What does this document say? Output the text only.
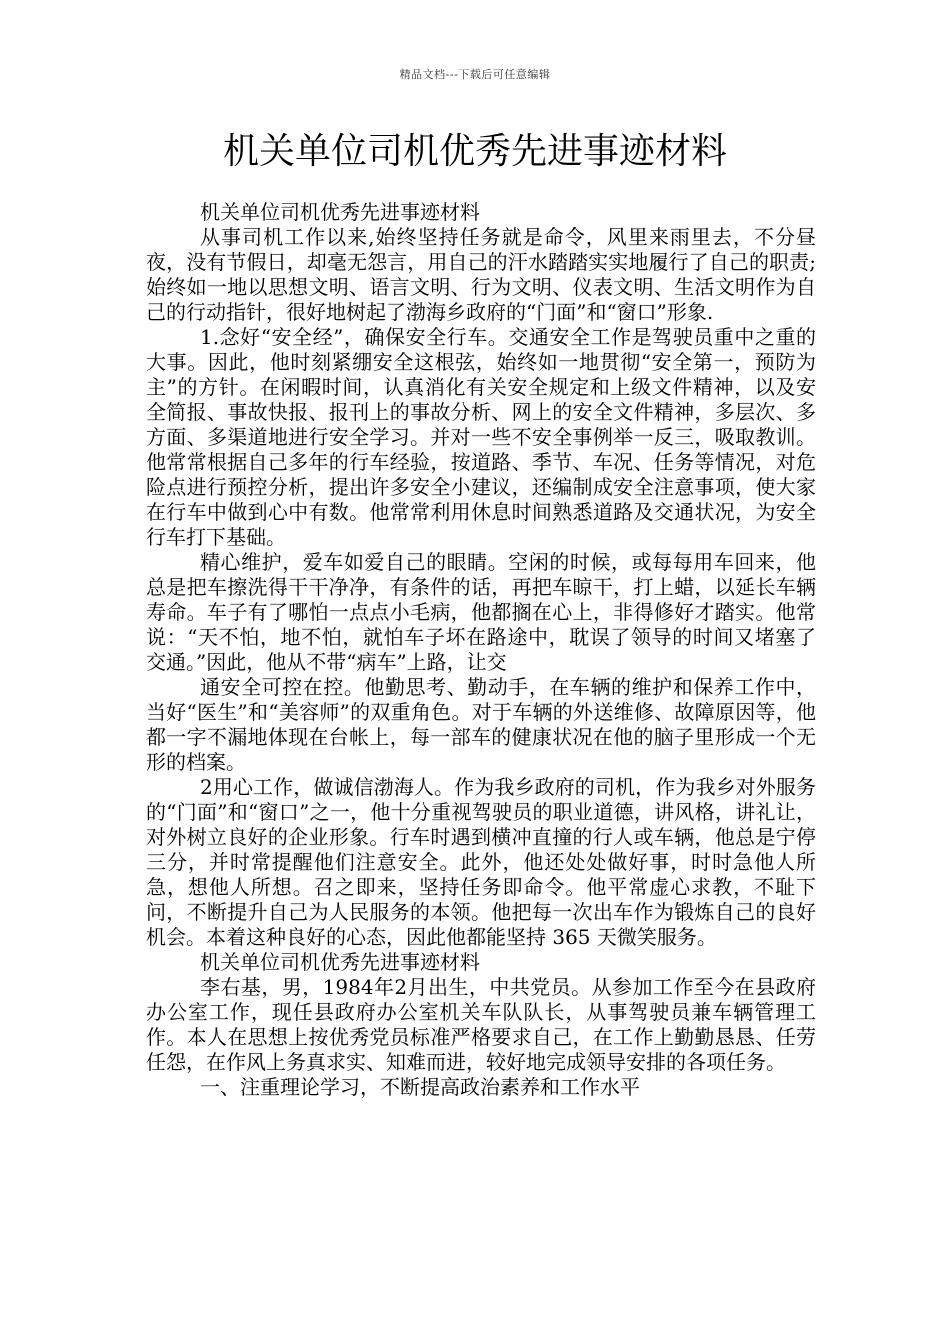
精品文档---下载后可任意编辑
机关单位司机优秀先进事迹材料

机关单位司机优秀先进事迹材料

从事司机工作以来,始终坚持任务就是命令，风里来雨里去，不分昼夜，没有节假日，却毫无怨言，用自己的汗水踏踏实实地履行了自己的职责;始终如一地以思想文明、语言文明、行为文明、仪表文明、生活文明作为自己的行动指针，很好地树起了渤海乡政府的“门面”和“窗口”形象.

1.念好“安全经”，确保安全行车。交通安全工作是驾驶员重中之重的大事。因此，他时刻紧绷安全这根弦，始终如一地贯彻“安全第一，预防为主”的方针。在闲暇时间，认真消化有关安全规定和上级文件精神，以及安全简报、事故快报、报刊上的事故分析、网上的安全文件精神，多层次、多方面、多渠道地进行安全学习。并对一些不安全事例举一反三，吸取教训。他常常根据自己多年的行车经验，按道路、季节、车况、任务等情况，对危险点进行预控分析，提出许多安全小建议，还编制成安全注意事项，使大家在行车中做到心中有数。他常常利用休息时间熟悉道路及交通状况，为安全行车打下基础。

精心维护，爱车如爱自己的眼睛。空闲的时候，或每每用车回来，他总是把车擦洗得干干净净，有条件的话，再把车晾干，打上蜡，以延长车辆寿命。车子有了哪怕一点点小毛病，他都搁在心上，非得修好才踏实。他常说：“天不怕，地不怕，就怕车子坏在路途中，耽误了领导的时间又堵塞了交通。”因此，他从不带“病车”上路，让交

通安全可控在控。他勤思考、勤动手，在车辆的维护和保养工作中，当好“医生”和“美容师”的双重角色。对于车辆的外送维修、故障原因等，他都一字不漏地体现在台帐上，每一部车的健康状况在他的脑子里形成一个无形的档案。

2用心工作，做诚信渤海人。作为我乡政府的司机，作为我乡对外服务的“门面”和“窗口”之一，他十分重视驾驶员的职业道德，讲风格，讲礼让，对外树立良好的企业形象。行车时遇到横冲直撞的行人或车辆，他总是宁停三分，并时常提醒他们注意安全。此外，他还处处做好事，时时急他人所急，想他人所想。召之即来，坚持任务即命令。他平常虚心求教，不耻下问，不断提升自己为人民服务的本领。他把每一次出车作为锻炼自己的良好机会。本着这种良好的心态，因此他都能坚持 365 天微笑服务。

机关单位司机优秀先进事迹材料

李右基，男，1984年2月出生，中共党员。从参加工作至今在县政府办公室工作，现任县政府办公室机关车队队长，从事驾驶员兼车辆管理工作。本人在思想上按优秀党员标准严格要求自己，在工作上勤勤恳恳、任劳任怨，在作风上务真求实、知难而进，较好地完成领导安排的各项任务。

一、注重理论学习，不断提高政治素养和工作水平
